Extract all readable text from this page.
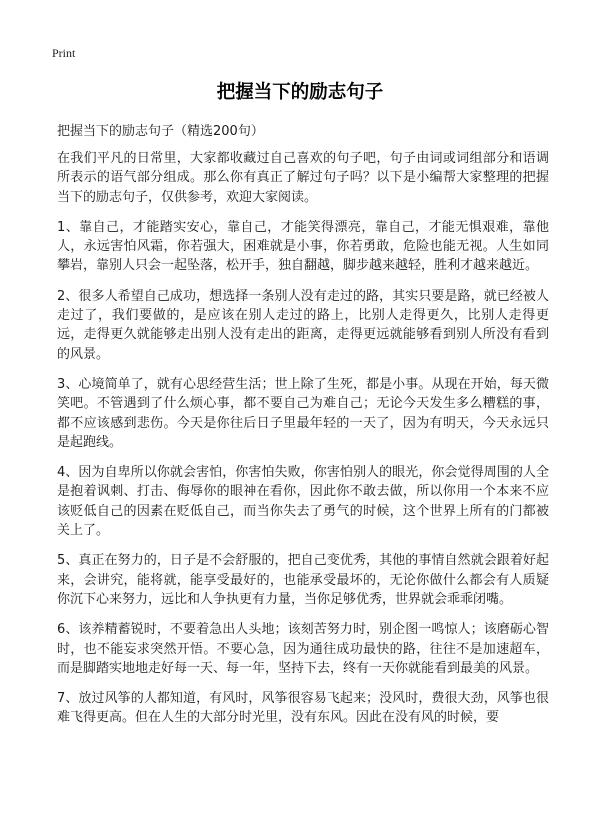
Print
把握当下的励志句子
把握当下的励志句子（精选200句）

在我们平凡的日常里，大家都收藏过自己喜欢的句子吧，句子由词或词组部分和语调所表示的语气部分组成。那么你有真正了解过句子吗？以下是小编帮大家整理的把握当下的励志句子，仅供参考，欢迎大家阅读。

1、靠自己，才能踏实安心，靠自己，才能笑得漂亮，靠自己，才能无惧艰难，靠他人，永远害怕风霜，你若强大，困难就是小事，你若勇敢，危险也能无视。人生如同攀岩，靠别人只会一起坠落，松开手，独自翻越，脚步越来越轻，胜利才越来越近。

2、很多人希望自己成功，想选择一条别人没有走过的路，其实只要是路，就已经被人走过了，我们要做的，是应该在别人走过的路上，比别人走得更久，比别人走得更远，走得更久就能够走出别人没有走出的距离，走得更远就能够看到别人所没有看到的风景。

3、心境简单了，就有心思经营生活；世上除了生死，都是小事。从现在开始，每天微笑吧。不管遇到了什么烦心事，都不要自己为难自己；无论今天发生多么糟糕的事，都不应该感到悲伤。今天是你往后日子里最年轻的一天了，因为有明天，今天永远只是起跑线。

4、因为自卑所以你就会害怕，你害怕失败，你害怕别人的眼光，你会觉得周围的人全是抱着讽刺、打击、侮辱你的眼神在看你，因此你不敢去做，所以你用一个本来不应该贬低自己的因素在贬低自己，而当你失去了勇气的时候，这个世界上所有的门都被关上了。

5、真正在努力的，日子是不会舒服的，把自己变优秀，其他的事情自然就会跟着好起来，会讲究，能将就，能享受最好的，也能承受最坏的，无论你做什么都会有人质疑你沉下心来努力，远比和人争执更有力量，当你足够优秀，世界就会乖乖闭嘴。

6、该养精蓄锐时，不要着急出人头地；该刻苦努力时，别企图一鸣惊人；该磨砺心智时，也不能妄求突然开悟。不要心急，因为通往成功最快的路，往往不是加速超车，而是脚踏实地地走好每一天、每一年，坚持下去，终有一天你就能看到最美的风景。

7、放过风筝的人都知道，有风时，风筝很容易飞起来；没风时，费很大劲，风筝也很难飞得更高。但在人生的大部分时光里，没有东风。因此在没有风的时候，要
